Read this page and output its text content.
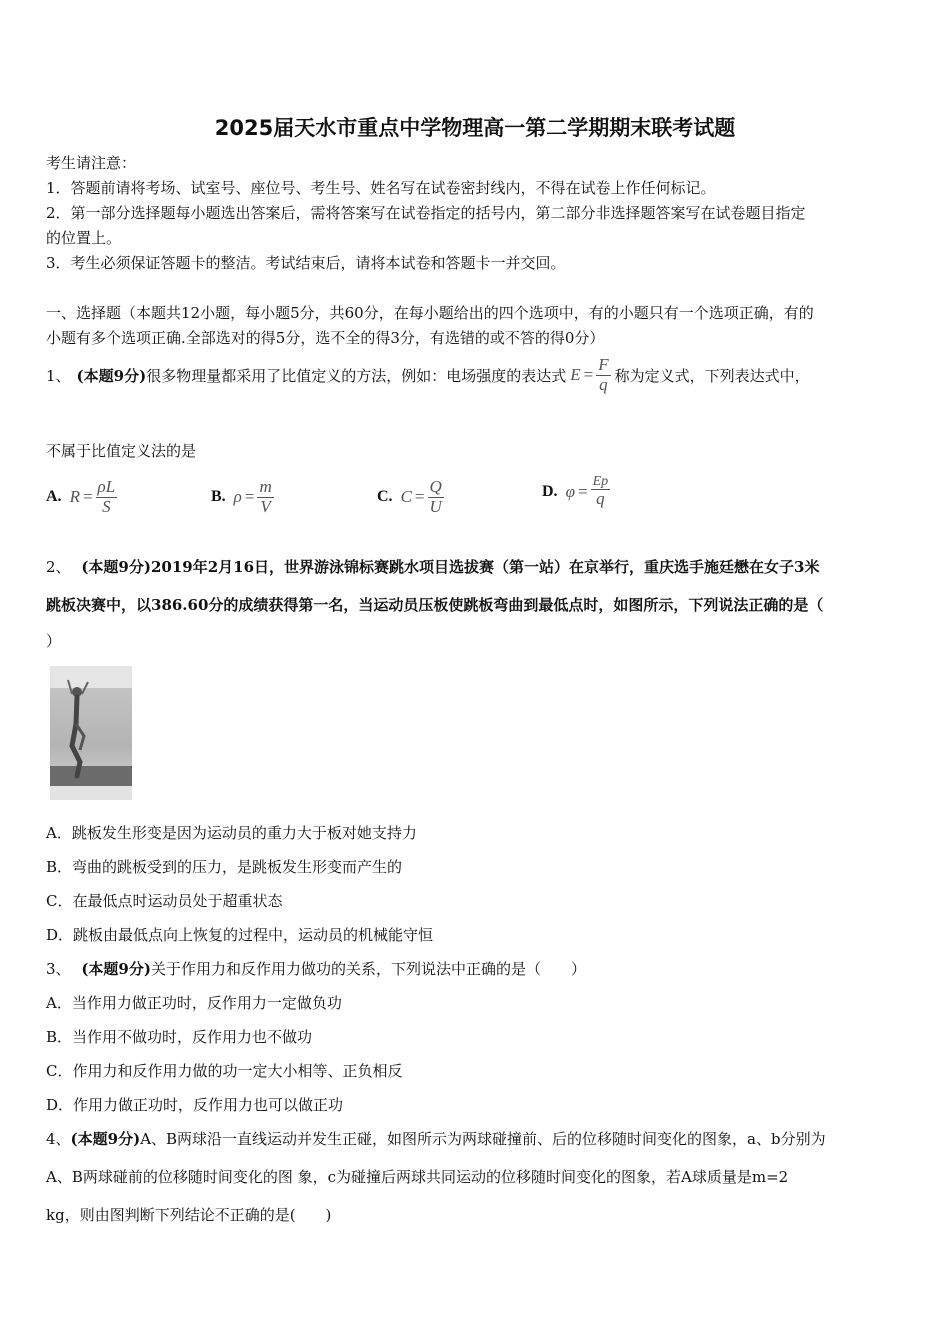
2025届天水市重点中学物理高一第二学期期末联考试题
考生请注意：
1．答题前请将考场、试室号、座位号、考生号、姓名写在试卷密封线内，不得在试卷上作任何标记。
2．第一部分选择题每小题选出答案后，需将答案写在试卷指定的括号内，第二部分非选择题答案写在试卷题目指定
的位置上。
3．考生必须保证答题卡的整洁。考试结束后，请将本试卷和答题卡一并交回。
一、选择题（本题共12小题，每小题5分，共60分，在每小题给出的四个选项中，有的小题只有一个选项正确，有的
小题有多个选项正确.全部选对的得5分，选不全的得3分，有选错的或不答的得0分）
1、 (本题9分) 很多物理量都采用了比值定义的方法，例如：电场强度的表达式 $E = \frac{F}{q}$ 称为定义式，下列表达式中，
不属于比值定义法的是
A. $R = \frac{\rho L}{S}$	B. $\rho = \frac{m}{V}$	C. $C = \frac{Q}{U}$	D. $\varphi = \frac{Ep}{q}$
2、 (本题9分)2019年2月16日，世界游泳锦标赛跳水项目选拔赛（第一站）在京举行，重庆选手施廷懋在女子3米
跳板决赛中，以386.60分的成绩获得第一名，当运动员压板使跳板弯曲到最低点时，如图所示，下列说法正确的是（
）
A．跳板发生形变是因为运动员的重力大于板对她支持力
B．弯曲的跳板受到的压力，是跳板发生形变而产生的
C．在最低点时运动员处于超重状态
D．跳板由最低点向上恢复的过程中，运动员的机械能守恒
3、 (本题9分)关于作用力和反作用力做功的关系，下列说法中正确的是（　　）
A．当作用力做正功时，反作用力一定做负功
B．当作用不做功时，反作用力也不做功
C．作用力和反作用力做的功一定大小相等、正负相反
D．作用力做正功时，反作用力也可以做正功
4、(本题9分)A、B两球沿一直线运动并发生正碰，如图所示为两球碰撞前、后的位移随时间变化的图象，a、b分别为
A、B两球碰前的位移随时间变化的图 象，c为碰撞后两球共同运动的位移随时间变化的图象，若A球质量是m=2
kg，则由图判断下列结论不正确的是(　　)
